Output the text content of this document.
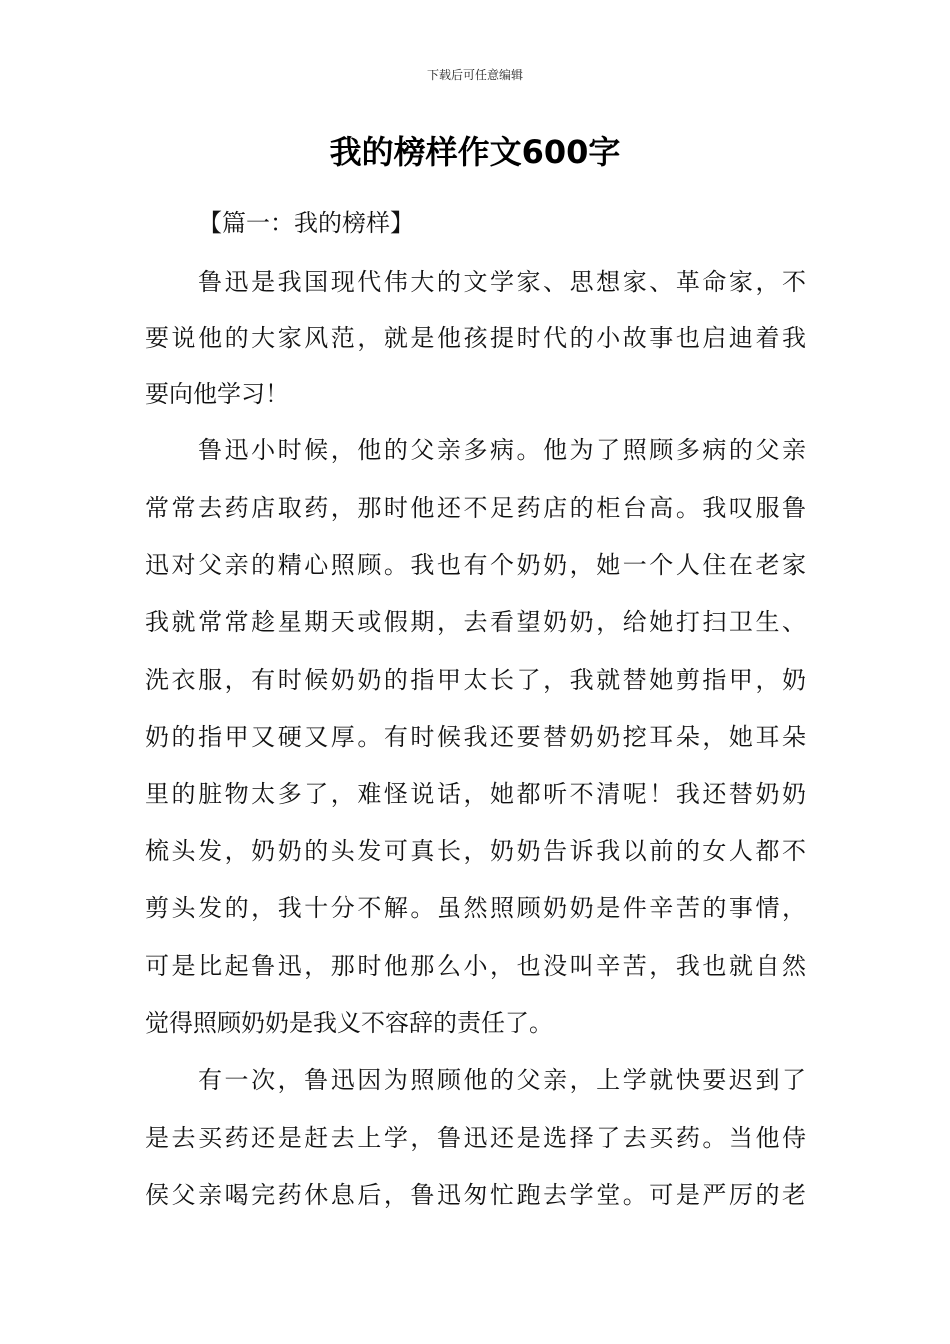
下载后可任意编辑
我的榜样作文600字
【篇一：我的榜样】
鲁迅是我国现代伟大的文学家、思想家、革命家，不
要说他的大家风范，就是他孩提时代的小故事也启迪着我
要向他学习！
鲁迅小时候，他的父亲多病。他为了照顾多病的父亲
常常去药店取药，那时他还不足药店的柜台高。我叹服鲁
迅对父亲的精心照顾。我也有个奶奶，她一个人住在老家
我就常常趁星期天或假期，去看望奶奶，给她打扫卫生、
洗衣服，有时候奶奶的指甲太长了，我就替她剪指甲，奶
奶的指甲又硬又厚。有时候我还要替奶奶挖耳朵，她耳朵
里的脏物太多了，难怪说话，她都听不清呢！我还替奶奶
梳头发，奶奶的头发可真长，奶奶告诉我以前的女人都不
剪头发的，我十分不解。虽然照顾奶奶是件辛苦的事情，
可是比起鲁迅，那时他那么小，也没叫辛苦，我也就自然
觉得照顾奶奶是我义不容辞的责任了。
有一次，鲁迅因为照顾他的父亲，上学就快要迟到了
是去买药还是赶去上学，鲁迅还是选择了去买药。当他侍
侯父亲喝完药休息后，鲁迅匆忙跑去学堂。可是严厉的老
